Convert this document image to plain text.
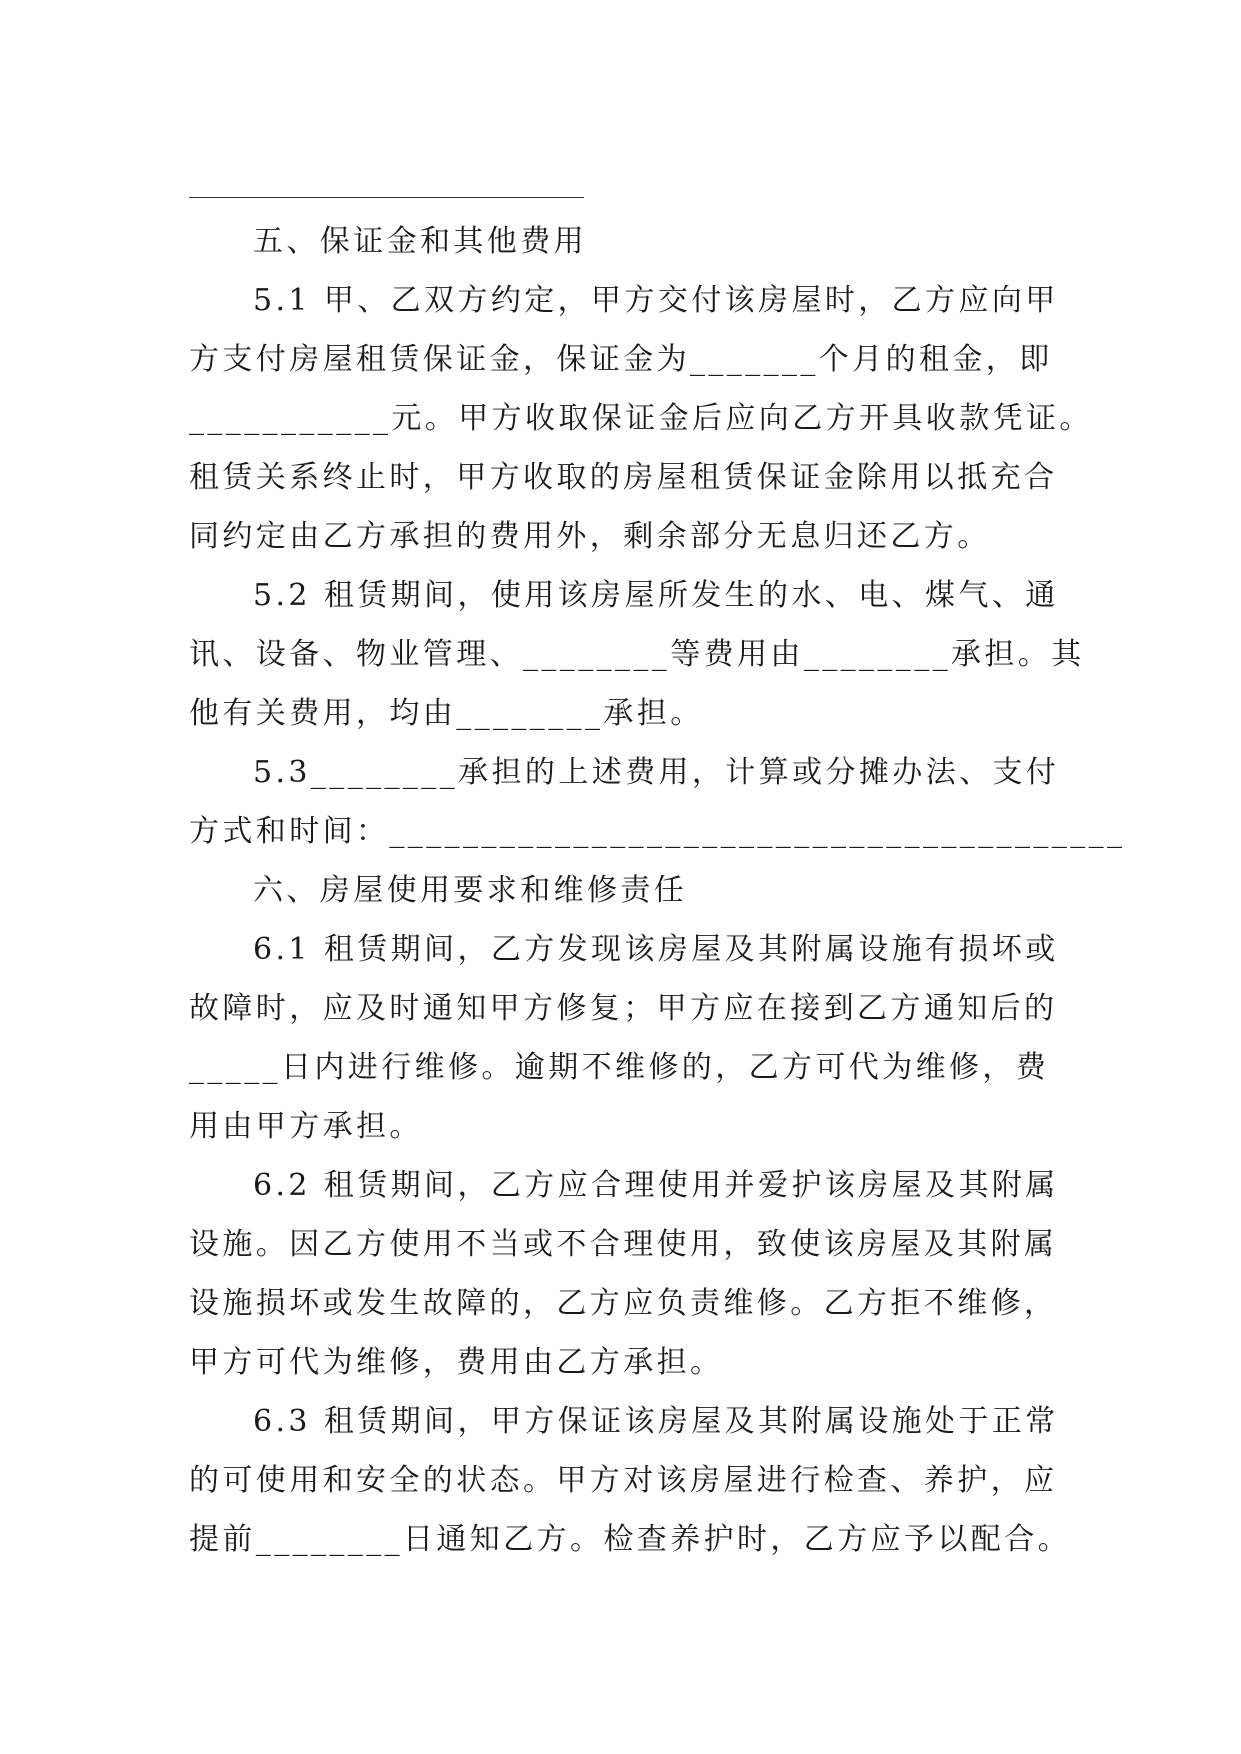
五、保证金和其他费用
5.1 甲、乙双方约定，甲方交付该房屋时，乙方应向甲
方支付房屋租赁保证金，保证金为_______个月的租金，即
___________元。甲方收取保证金后应向乙方开具收款凭证。
租赁关系终止时，甲方收取的房屋租赁保证金除用以抵充合
同约定由乙方承担的费用外，剩余部分无息归还乙方。
5.2 租赁期间，使用该房屋所发生的水、电、煤气、通
讯、设备、物业管理、________等费用由________承担。其
他有关费用，均由________承担。
5.3________承担的上述费用，计算或分摊办法、支付
方式和时间：________________________________________
六、房屋使用要求和维修责任
6.1 租赁期间，乙方发现该房屋及其附属设施有损坏或
故障时，应及时通知甲方修复；甲方应在接到乙方通知后的
_____日内进行维修。逾期不维修的，乙方可代为维修，费
用由甲方承担。
6.2 租赁期间，乙方应合理使用并爱护该房屋及其附属
设施。因乙方使用不当或不合理使用，致使该房屋及其附属
设施损坏或发生故障的，乙方应负责维修。乙方拒不维修，
甲方可代为维修，费用由乙方承担。
6.3 租赁期间，甲方保证该房屋及其附属设施处于正常
的可使用和安全的状态。甲方对该房屋进行检查、养护，应
提前________日通知乙方。检查养护时，乙方应予以配合。
